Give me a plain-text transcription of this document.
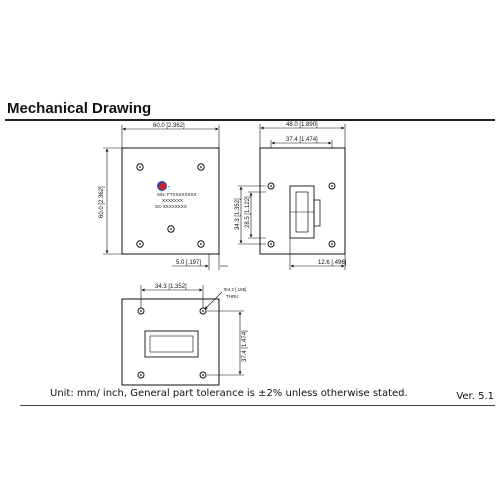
Mechanical Drawing
▪
S/N: FTXXXXXXXX
XXXXXXX
SC-XXXXXXXX
60.0 [2.362]
60.0 [2.362]
5.0 [.197]
48.0 [1.890]
37.4 [1.474]
34.3 [1.352] 28.5 [1.122]
12.6 [.496]
34.3 [1.352]	Φ4.2 [.165]
THRU
37.4 [1.474]
Unit: mm/ inch, General part tolerance is ±2% unless otherwise stated.	Ver. 5.1
